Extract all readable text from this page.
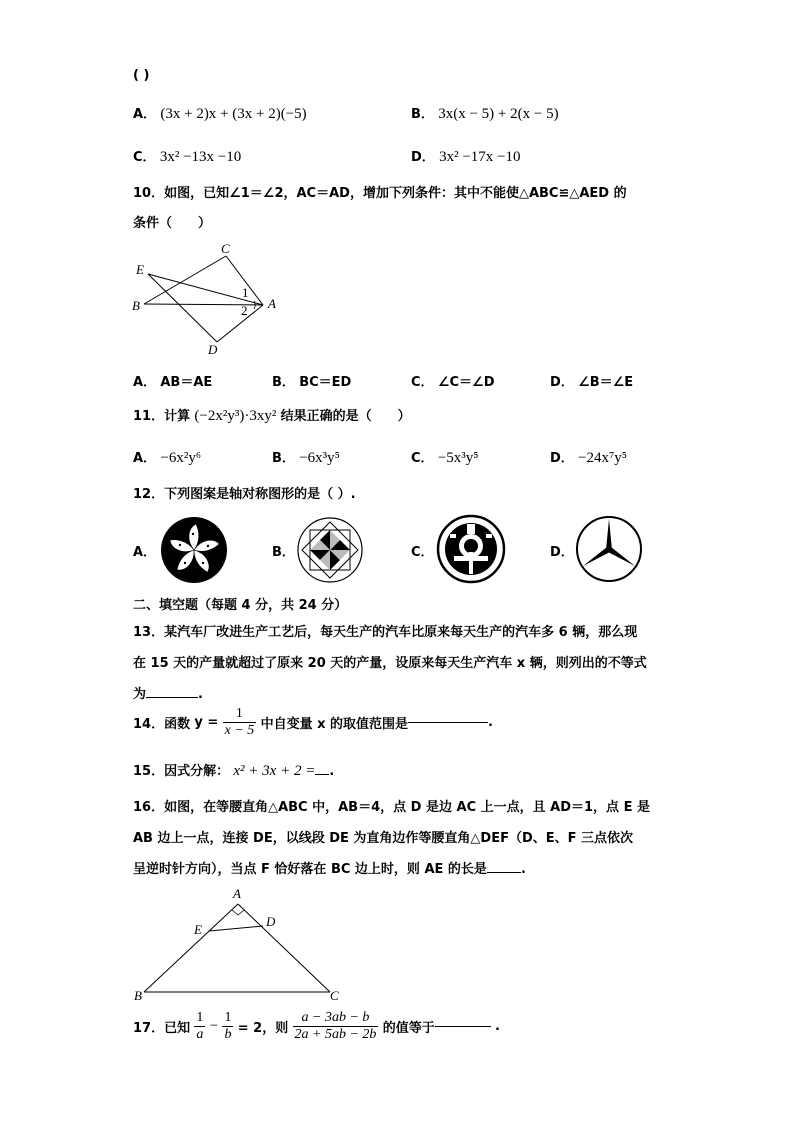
( )
A． (3x + 2)x + (3x + 2)(−5)	B． 3x(x − 5) + 2(x − 5)
C． 3x² −13x −10	D． 3x² −17x −10
10．如图，已知∠1＝∠2，AC＝AD，增加下列条件：其中不能使△ABC≌△AED 的
条件（　　）
C
E
B	A
D
1
2
A． AB＝AE	B． BC＝ED	C． ∠C＝∠D	D． ∠B＝∠E
11．计算 (−2x²y³)·3xy² 结果正确的是（　　）
A． −6x²y⁶	B． −6x³y⁵	C． −5x³y⁵	D． −24x⁷y⁵
12．下列图案是轴对称图形的是（ ）.
A．	B．	C．	D．
二、填空题（每题 4 分，共 24 分）
13．某汽车厂改进生产工艺后，每天生产的汽车比原来每天生产的汽车多 6 辆，那么现
在 15 天的产量就超过了原来 20 天的产量，设原来每天生产汽车 x 辆，则列出的不等式
为	.
14．函数 $y = \frac{1}{x - 5}$ 中自变量 x 的取值范围是	.
15．因式分解： x² + 3x + 2 = .
16．如图，在等腰直角△ABC 中，AB＝4，点 D 是边 AC 上一点，且 AD＝1，点 E 是
AB 边上一点，连接 DE，以线段 DE 为直角边作等腰直角△DEF（D、E、F 三点依次
呈逆时针方向），当点 F 恰好落在 BC 边上时，则 AE 的长是	.
A
E
D
B	C
17．已知 $\frac{1}{a} - \frac{1}{b} = 2$，则 $\frac{a - 3ab - b}{2a + 5ab - 2b}$ 的值等于	.
